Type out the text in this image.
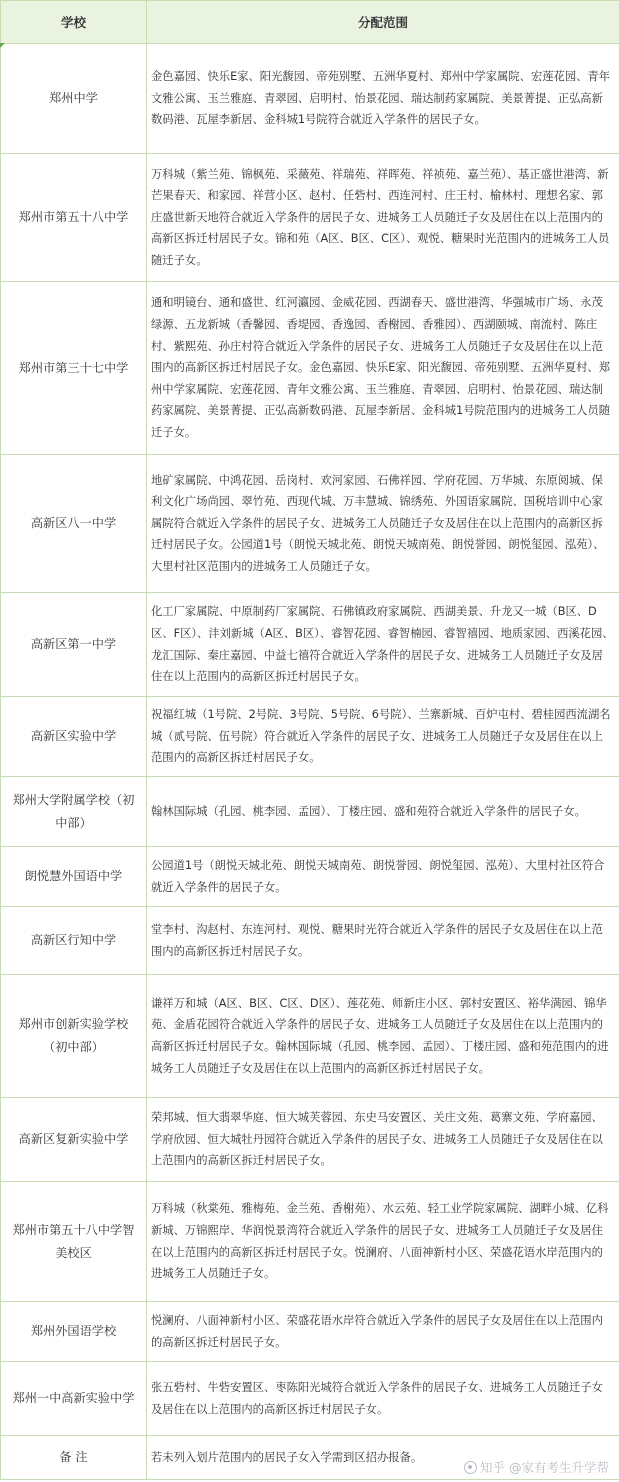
学校	分配范围
郑州中学	金色嘉园、快乐E家、阳光馥园、帝苑别墅、五洲华夏村、郑州中学家属院、宏莲花园、青年文雅公寓、玉兰雅庭、青翠园、启明村、怡景花园、瑞达制药家属院、美景菁提、正弘高新数码港、瓦屋李新居、金科城1号院符合就近入学条件的居民子女。
郑州市第五十八中学	万科城（紫兰苑、锦枫苑、采薇苑、祥瑞苑、祥晖苑、祥祯苑、嘉兰苑）、基正盛世港湾、新芒果春天、和家园、祥营小区、赵村、任砦村、西连河村、庄王村、榆林村、理想名家、郭庄盛世新天地符合就近入学条件的居民子女、进城务工人员随迁子女及居住在以上范围内的高新区拆迁村居民子女。锦和苑（A区、B区、C区）、观悦、糖果时光范围内的进城务工人员随迁子女。
郑州市第三十七中学	通和明镜台、通和盛世、红河瀛园、金威花园、西湖春天、盛世港湾、华强城市广场、永茂绿源、五龙新城（香馨园、香堤园、香逸园、香榭园、香雅园）、西湖颐城、南流村、陈庄村、紫熙苑、孙庄村符合就近入学条件的居民子女、进城务工人员随迁子女及居住在以上范围内的高新区拆迁村居民子女。金色嘉园、快乐E家、阳光馥园、帝苑别墅、五洲华夏村、郑州中学家属院、宏莲花园、青年文雅公寓、玉兰雅庭、青翠园、启明村、怡景花园、瑞达制药家属院、美景菁提、正弘高新数码港、瓦屋李新居、金科城1号院范围内的进城务工人员随迁子女。
高新区八一中学	地矿家属院、中鸿花园、岳岗村、欢河家园、石佛祥园、学府花园、万华城、东原阅城、保利文化广场尚园、翠竹苑、西现代城、万丰慧城、锦绣苑、外国语家属院、国税培训中心家属院符合就近入学条件的居民子女、进城务工人员随迁子女及居住在以上范围内的高新区拆迁村居民子女。公园道1号（朗悦天城北苑、朗悦天城南苑、朗悦誉园、朗悦玺园、泓苑）、大里村社区范围内的进城务工人员随迁子女。
高新区第一中学	化工厂家属院、中原制药厂家属院、石佛镇政府家属院、西湖美景、升龙又一城（B区、D区、F区）、沣刘新城（A区、B区）、睿智花园、睿智楠园、睿智禧园、地质家园、西溪花园、龙汇国际、秦庄嘉园、中益七禧符合就近入学条件的居民子女、进城务工人员随迁子女及居住在以上范围内的高新区拆迁村居民子女。
高新区实验中学	祝福红城（1号院、2号院、3号院、5号院、6号院）、兰寨新城、百炉屯村、碧桂园西流湖名城（贰号院、伍号院）符合就近入学条件的居民子女、进城务工人员随迁子女及居住在以上范围内的高新区拆迁村居民子女。
郑州大学附属学校（初中部）	翰林国际城（孔园、桃李园、孟园）、丁楼庄园、盛和苑符合就近入学条件的居民子女。
朗悦慧外国语中学	公园道1号（朗悦天城北苑、朗悦天城南苑、朗悦誉园、朗悦玺园、泓苑）、大里村社区符合就近入学条件的居民子女。
高新区行知中学	堂李村、沟赵村、东连河村、观悦、糖果时光符合就近入学条件的居民子女及居住在以上范围内的高新区拆迁村居民子女。
郑州市创新实验学校（初中部）	谦祥万和城（A区、B区、C区、D区）、莲花苑、师新庄小区、郭村安置区、裕华满园、锦华苑、金盾花园符合就近入学条件的居民子女、进城务工人员随迁子女及居住在以上范围内的高新区拆迁村居民子女。翰林国际城（孔园、桃李园、孟园）、丁楼庄园、盛和苑范围内的进城务工人员随迁子女及居住在以上范围内的高新区拆迁村居民子女。
高新区复新实验中学	荣邦城、恒大翡翠华庭、恒大城芙蓉园、东史马安置区、关庄文苑、葛寨文苑、学府嘉园、学府欣园、恒大城牡丹园符合就近入学条件的居民子女、进城务工人员随迁子女及居住在以上范围内的高新区拆迁村居民子女。
郑州市第五十八中学智美校区	万科城（秋棠苑、雅梅苑、金兰苑、香榭苑）、水云苑、轻工业学院家属院、湖畔小城、亿科新城、万锦熙岸、华润悦景湾符合就近入学条件的居民子女、进城务工人员随迁子女及居住在以上范围内的高新区拆迁村居民子女。悦澜府、八面神新村小区、荣盛花语水岸范围内的进城务工人员随迁子女。
郑州外国语学校	悦澜府、八面神新村小区、荣盛花语水岸符合就近入学条件的居民子女及居住在以上范围内的高新区拆迁村居民子女。
郑州一中高新实验中学	张五砦村、牛砦安置区、枣陈阳光城符合就近入学条件的居民子女、进城务工人员随迁子女及居住在以上范围内的高新区拆迁村居民子女。
备 注	若未列入划片范围内的居民子女入学需到区招办报备。
知乎 @家有考生升学帮
